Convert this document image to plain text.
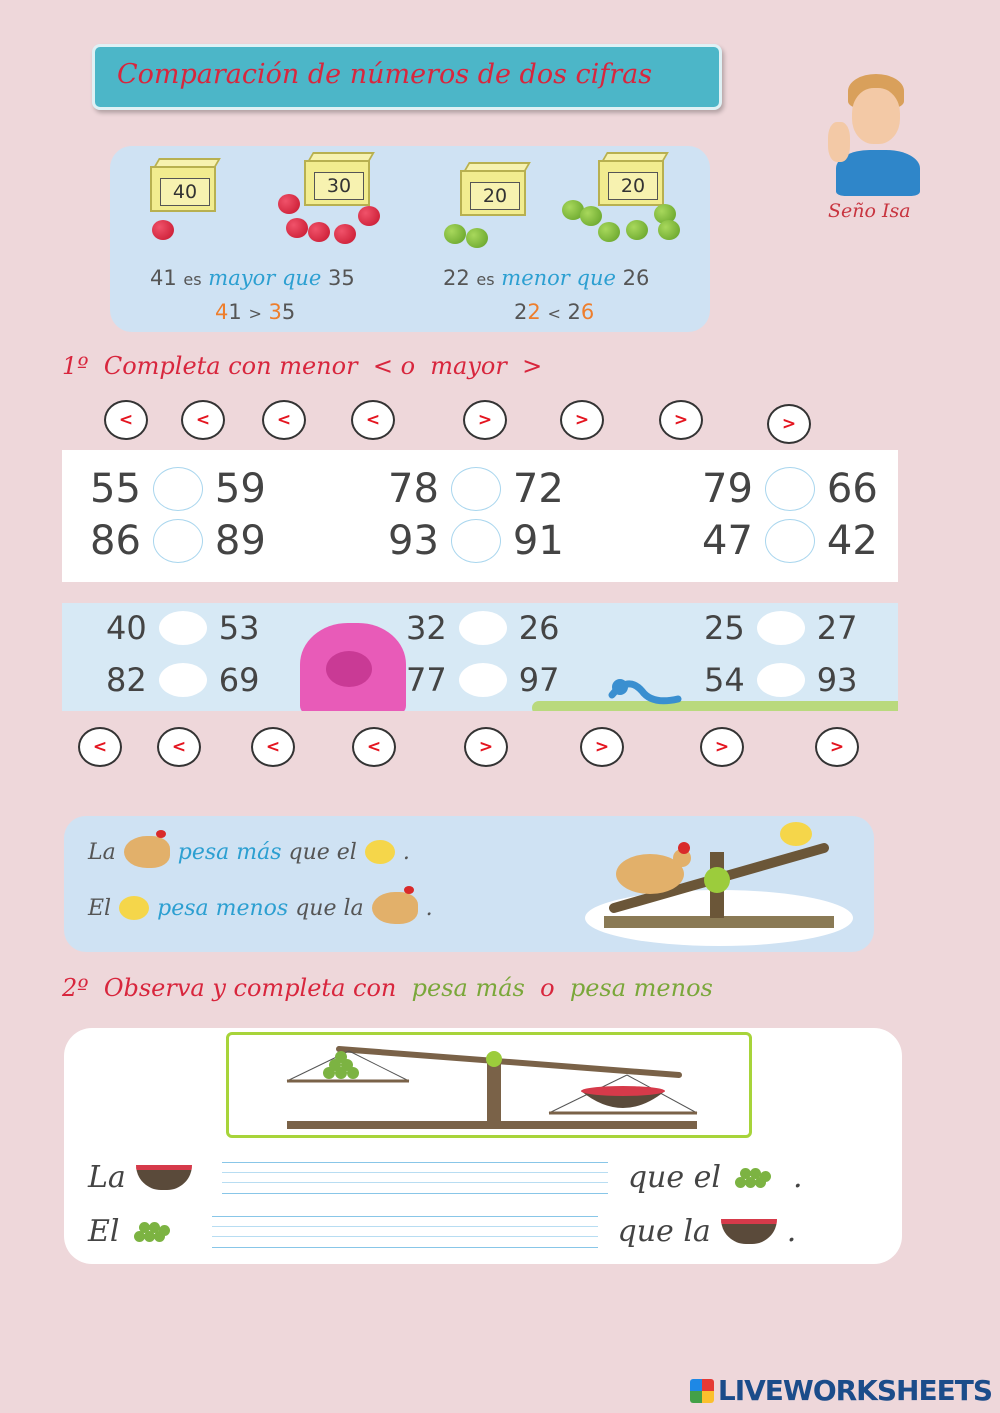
Comparación de números de dos cifras
Seño Isa
40	30
41 es mayor que 35
41 > 35
20	20
22 es menor que 26
22 < 26
1º Completa con menor < o mayor >
<	<	<	<	>	>	>	>
55 59	78 72	79 66
86 89	93 91	47 42
40 53	32 26	25 27
82 69	77 97	54 93
<	<	<	<	>	>	>	>
La	pesa más
que el .
El pesa menos
que la	.
2º Observa y completa con pesa más o pesa menos
La	que el .
El	que la	.
LIVEWORKSHEETS
